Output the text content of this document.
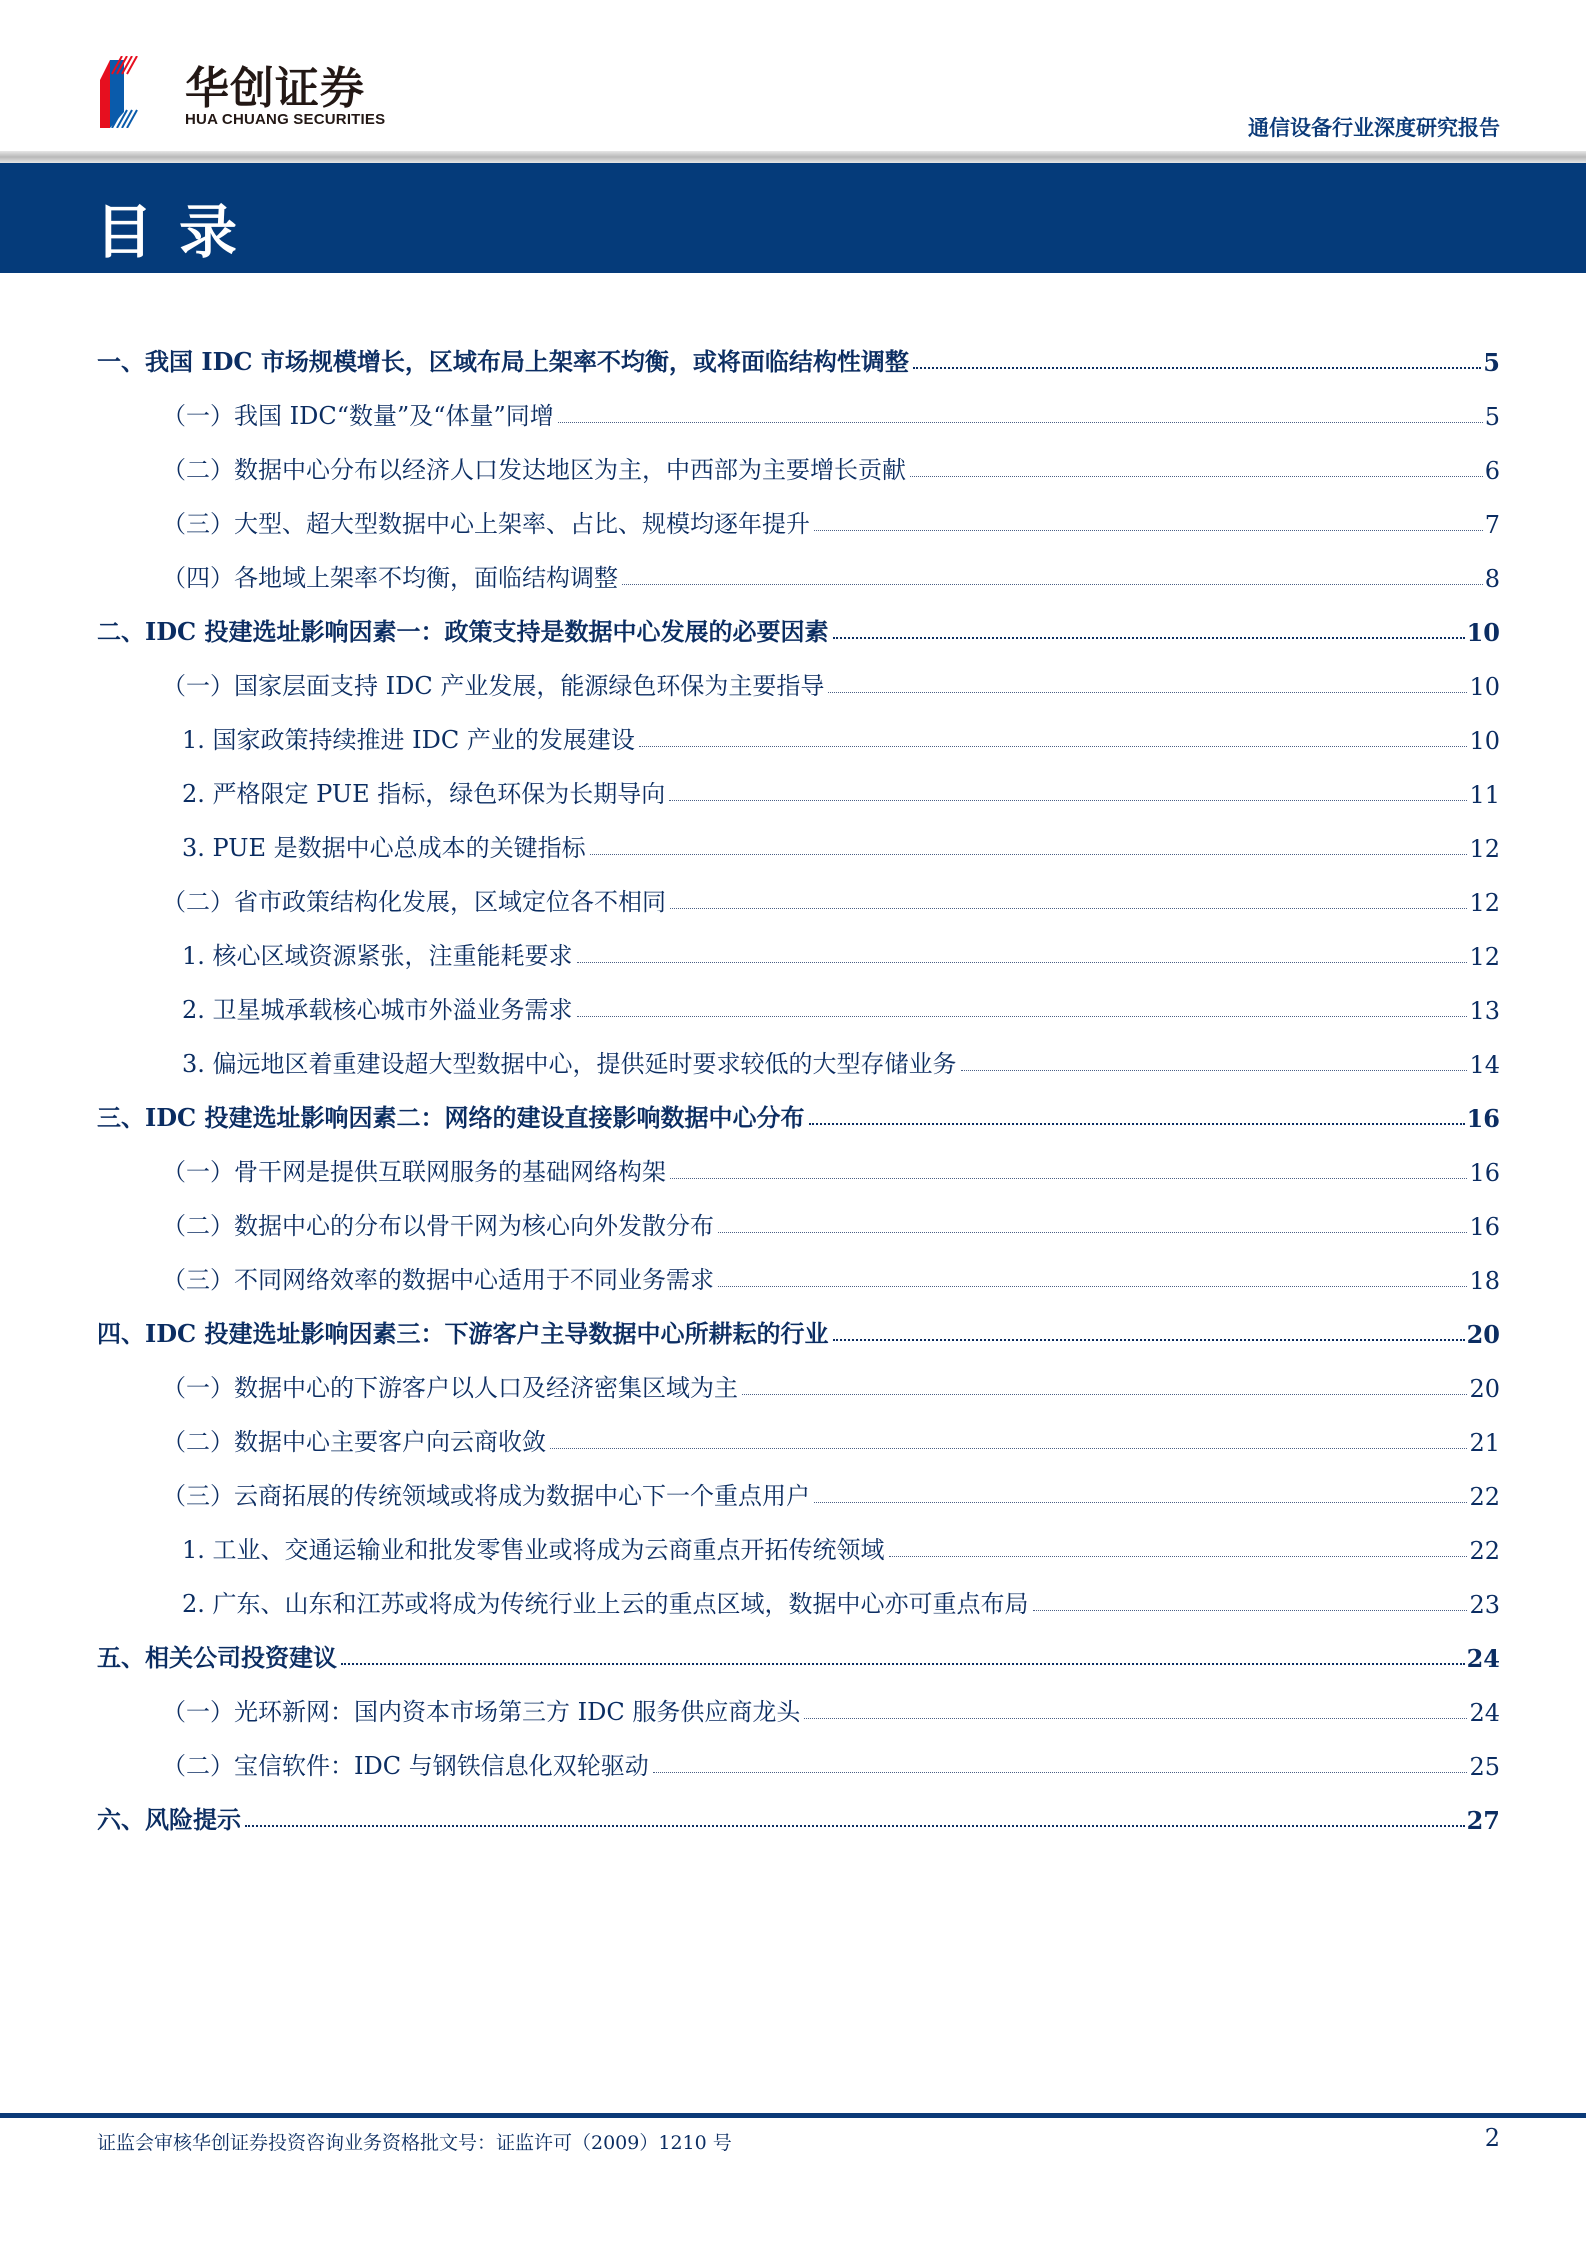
华创证券
HUA CHUANG SECURITIES	通信设备行业深度研究报告
目录
一、我国 IDC 市场规模增长，区域布局上架率不均衡，或将面临结构性调整	5
（一）我国 IDC“数量”及“体量”同增	5
（二）数据中心分布以经济人口发达地区为主，中西部为主要增长贡献	6
（三）大型、超大型数据中心上架率、占比、规模均逐年提升	7
（四）各地域上架率不均衡，面临结构调整	8
二、IDC 投建选址影响因素一：政策支持是数据中心发展的必要因素	10
（一）国家层面支持 IDC 产业发展，能源绿色环保为主要指导	10
1. 国家政策持续推进 IDC 产业的发展建设	10
2. 严格限定 PUE 指标，绿色环保为长期导向	11
3. PUE 是数据中心总成本的关键指标	12
（二）省市政策结构化发展，区域定位各不相同	12
1. 核心区域资源紧张，注重能耗要求	12
2. 卫星城承载核心城市外溢业务需求	13
3. 偏远地区着重建设超大型数据中心，提供延时要求较低的大型存储业务	14
三、IDC 投建选址影响因素二：网络的建设直接影响数据中心分布	16
（一）骨干网是提供互联网服务的基础网络构架	16
（二）数据中心的分布以骨干网为核心向外发散分布	16
（三）不同网络效率的数据中心适用于不同业务需求	18
四、IDC 投建选址影响因素三：下游客户主导数据中心所耕耘的行业	20
（一）数据中心的下游客户以人口及经济密集区域为主	20
（二）数据中心主要客户向云商收敛	21
（三）云商拓展的传统领域或将成为数据中心下一个重点用户	22
1. 工业、交通运输业和批发零售业或将成为云商重点开拓传统领域	22
2. 广东、山东和江苏或将成为传统行业上云的重点区域，数据中心亦可重点布局	23
五、相关公司投资建议	24
（一）光环新网：国内资本市场第三方 IDC 服务供应商龙头	24
（二）宝信软件：IDC 与钢铁信息化双轮驱动	25
六、风险提示	27
证监会审核华创证券投资咨询业务资格批文号：证监许可（2009）1210 号	2
